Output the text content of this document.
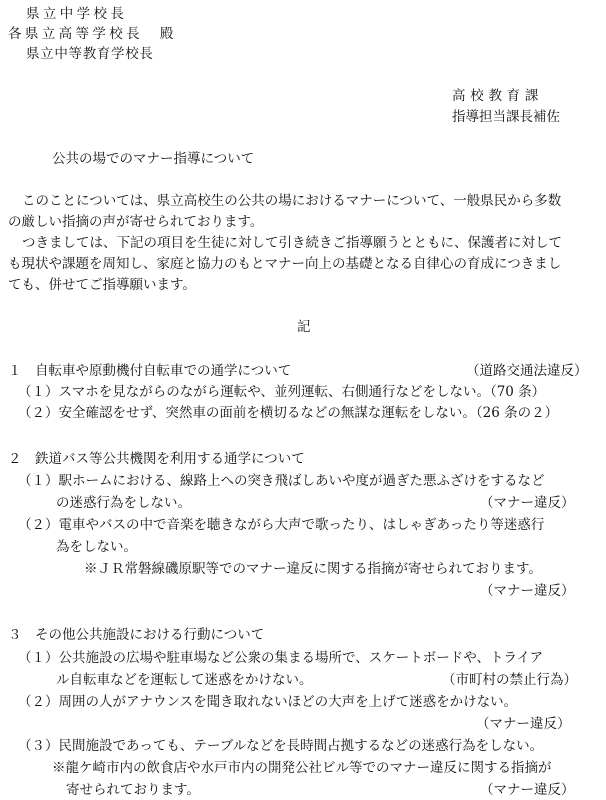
県立中学校長
各県立高等学校長　殿
県立中等教育学校長
高校教育課
指導担当課長補佐
公共の場でのマナー指導について
このことについては、県立高校生の公共の場におけるマナーについて、一般県民から多数
の厳しい指摘の声が寄せられております。
つきましては、下記の項目を生徒に対して引き続きご指導願うとともに、保護者に対して
も現状や課題を周知し、家庭と協力のもとマナー向上の基礎となる自律心の育成につきまし
ても、併せてご指導願います。
記
１　自転車や原動機付自転車での通学について	（道路交通法違反）
（１）スマホを見ながらのながら運転や、並列運転、右側通行などをしない。（70 条）
（２）安全確認をせず、突然車の面前を横切るなどの無謀な運転をしない。（26 条の２）
２　鉄道バス等公共機関を利用する通学について
（１）駅ホームにおける、線路上への突き飛ばしあいや度が過ぎた悪ふざけをするなど
の迷惑行為をしない。	（マナー違反）
（２）電車やバスの中で音楽を聴きながら大声で歌ったり、はしゃぎあったり等迷惑行
為をしない。
※ＪＲ常磐線磯原駅等でのマナー違反に関する指摘が寄せられております。
（マナー違反）
３　その他公共施設における行動について
（１）公共施設の広場や駐車場など公衆の集まる場所で、スケートボードや、トライア
ル自転車などを運転して迷惑をかけない。	（市町村の禁止行為）
（２）周囲の人がアナウンスを聞き取れないほどの大声を上げて迷惑をかけない。
（マナー違反）
（３）民間施設であっても、テーブルなどを長時間占拠するなどの迷惑行為をしない。
※龍ケ崎市内の飲食店や水戸市内の開発公社ビル等でのマナー違反に関する指摘が
寄せられております。	（マナー違反）
